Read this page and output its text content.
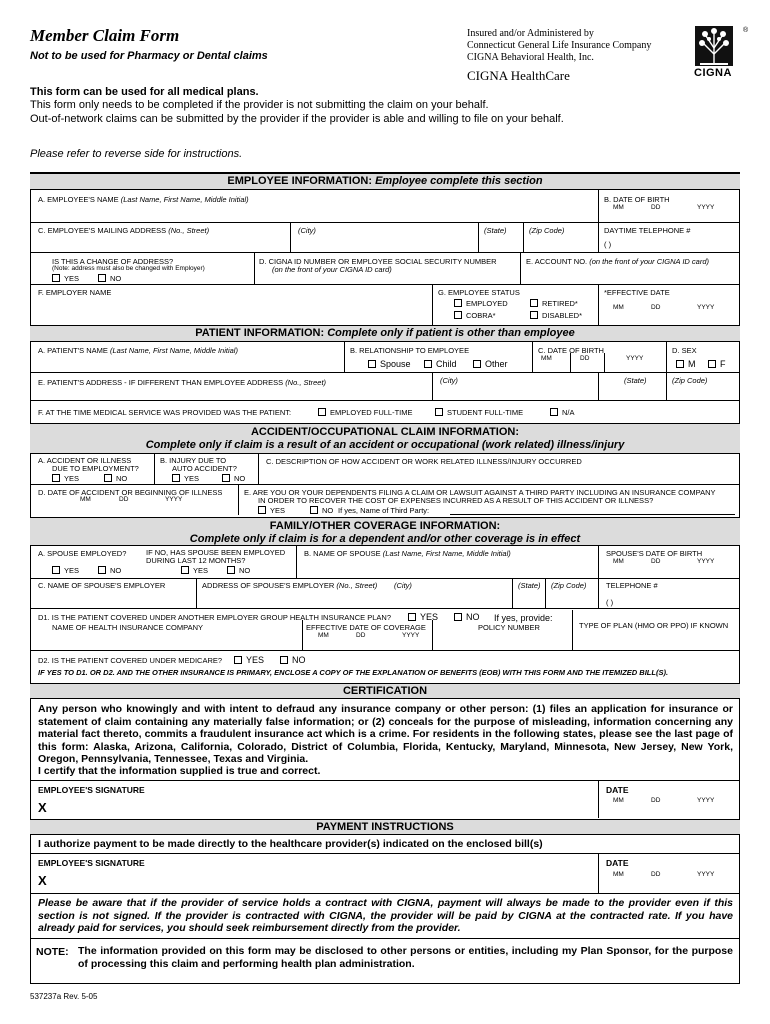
Member Claim Form
Not to be used for Pharmacy or Dental claims
Insured and/or Administered by
Connecticut General Life Insurance Company
CIGNA Behavioral Health, Inc.
CIGNA HealthCare	CIGNA
®
This form can be used for all medical plans.
This form only needs to be completed if the provider is not submitting the claim on your behalf.
Out-of-network claims can be submitted by the provider if the provider is able and willing to file on your behalf.
Please refer to reverse side for instructions.
EMPLOYEE INFORMATION: Employee complete this section
A. EMPLOYEE'S NAME (Last Name, First Name, Middle Initial)	B. DATE OF BIRTH
MM	DD	YYYY
C. EMPLOYEE'S MAILING ADDRESS (No., Street)	(City)	(State)	(Zip Code)	DAYTIME TELEPHONE #
( )
IS THIS A CHANGE OF ADDRESS?
(Note: address must also be changed with Employer)
YES	NO
D. CIGNA ID NUMBER OR EMPLOYEE SOCIAL SECURITY NUMBER
(on the front of your CIGNA ID card)
E. ACCOUNT NO. (on the front of your CIGNA ID card)
F. EMPLOYER NAME	G. EMPLOYEE STATUS
EMPLOYED	RETIRED*
COBRA*	DISABLED*
*EFFECTIVE DATE
MM	DD	YYYY
PATIENT INFORMATION: Complete only if patient is other than employee
A. PATIENT'S NAME (Last Name, First Name, Middle Initial)	B. RELATIONSHIP TO EMPLOYEE
Spouse	Child	Other
C. DATE OF BIRTH
MM	DD	YYYY
D. SEX
M	F
E. PATIENT'S ADDRESS - IF DIFFERENT THAN EMPLOYEE ADDRESS (No., Street)	(City)	(State)	(Zip Code)
F. AT THE TIME MEDICAL SERVICE WAS PROVIDED WAS THE PATIENT:	EMPLOYED FULL-TIME	STUDENT FULL-TIME	N/A
ACCIDENT/OCCUPATIONAL CLAIM INFORMATION:
Complete only if claim is a result of an accident or occupational (work related) illness/injury
A. ACCIDENT OR ILLNESS
DUE TO EMPLOYMENT?
YES	NO
B. INJURY DUE TO
AUTO ACCIDENT?
YES	NO
C. DESCRIPTION OF HOW ACCIDENT OR WORK RELATED ILLNESS/INJURY OCCURRED
D. DATE OF ACCIDENT OR BEGINNING OF ILLNESS
MM	DD	YYYY
E. ARE YOU OR YOUR DEPENDENTS FILING A CLAIM OR LAWSUIT AGAINST A THIRD PARTY INCLUDING AN INSURANCE COMPANY
IN ORDER TO RECOVER THE COST OF EXPENSES INCURRED AS A RESULT OF THIS ACCIDENT OR ILLNESS?
YES	NO If yes, Name of Third Party:
FAMILY/OTHER COVERAGE INFORMATION:
Complete only if claim is for a dependent and/or other coverage is in effect
A. SPOUSE EMPLOYED?
YES	NO
IF NO, HAS SPOUSE BEEN EMPLOYED
DURING LAST 12 MONTHS?
YES	NO
B. NAME OF SPOUSE (Last Name, First Name, Middle Initial)	SPOUSE'S DATE OF BIRTH
MM	DD	YYYY
C. NAME OF SPOUSE'S EMPLOYER	ADDRESS OF SPOUSE'S EMPLOYER (No., Street) (City)	(State) (Zip Code)	TELEPHONE #
( )
D1. IS THE PATIENT COVERED UNDER ANOTHER EMPLOYER GROUP HEALTH INSURANCE PLAN?	YES	NO If yes, provide:
NAME OF HEALTH INSURANCE COMPANY	EFFECTIVE DATE OF COVERAGE
MM	DD	YYYY
POLICY NUMBER	TYPE OF PLAN (HMO OR PPO) IF KNOWN
D2. IS THE PATIENT COVERED UNDER MEDICARE?	YES	NO
IF YES TO D1. OR D2. AND THE OTHER INSURANCE IS PRIMARY, ENCLOSE A COPY OF THE EXPLANATION OF BENEFITS (EOB) WITH THIS FORM AND THE ITEMIZED BILL(S).
CERTIFICATION
Any person who knowingly and with intent to defraud any insurance company or other person: (1) files an application for insurance or statement of claim containing any materially false information; or (2) conceals for the purpose of misleading, information concerning any material fact thereto, commits a fraudulent insurance act which is a crime. For residents in the following states, please see the last page of this form: Alaska, Arizona, California, Colorado, District of Columbia, Florida, Kentucky, Maryland, Minnesota, New Jersey, New York, Oregon, Pennsylvania, Tennessee, Texas and Virginia.
I certify that the information supplied is true and correct.
EMPLOYEE'S SIGNATURE
X
DATE
MM	DD	YYYY
PAYMENT INSTRUCTIONS
I authorize payment to be made directly to the healthcare provider(s) indicated on the enclosed bill(s)
EMPLOYEE'S SIGNATURE
X
DATE
MM	DD	YYYY
Please be aware that if the provider of service holds a contract with CIGNA, payment will always be made to the provider even if this section is not signed. If the provider is contracted with CIGNA, the provider will be paid by CIGNA at the contracted rate. If you have already paid for services, you should seek reimbursement directly from the provider.
NOTE: The information provided on this form may be disclosed to other persons or entities, including my Plan Sponsor, for the purpose of processing this claim and performing health plan administration.
537237a Rev. 5-05
